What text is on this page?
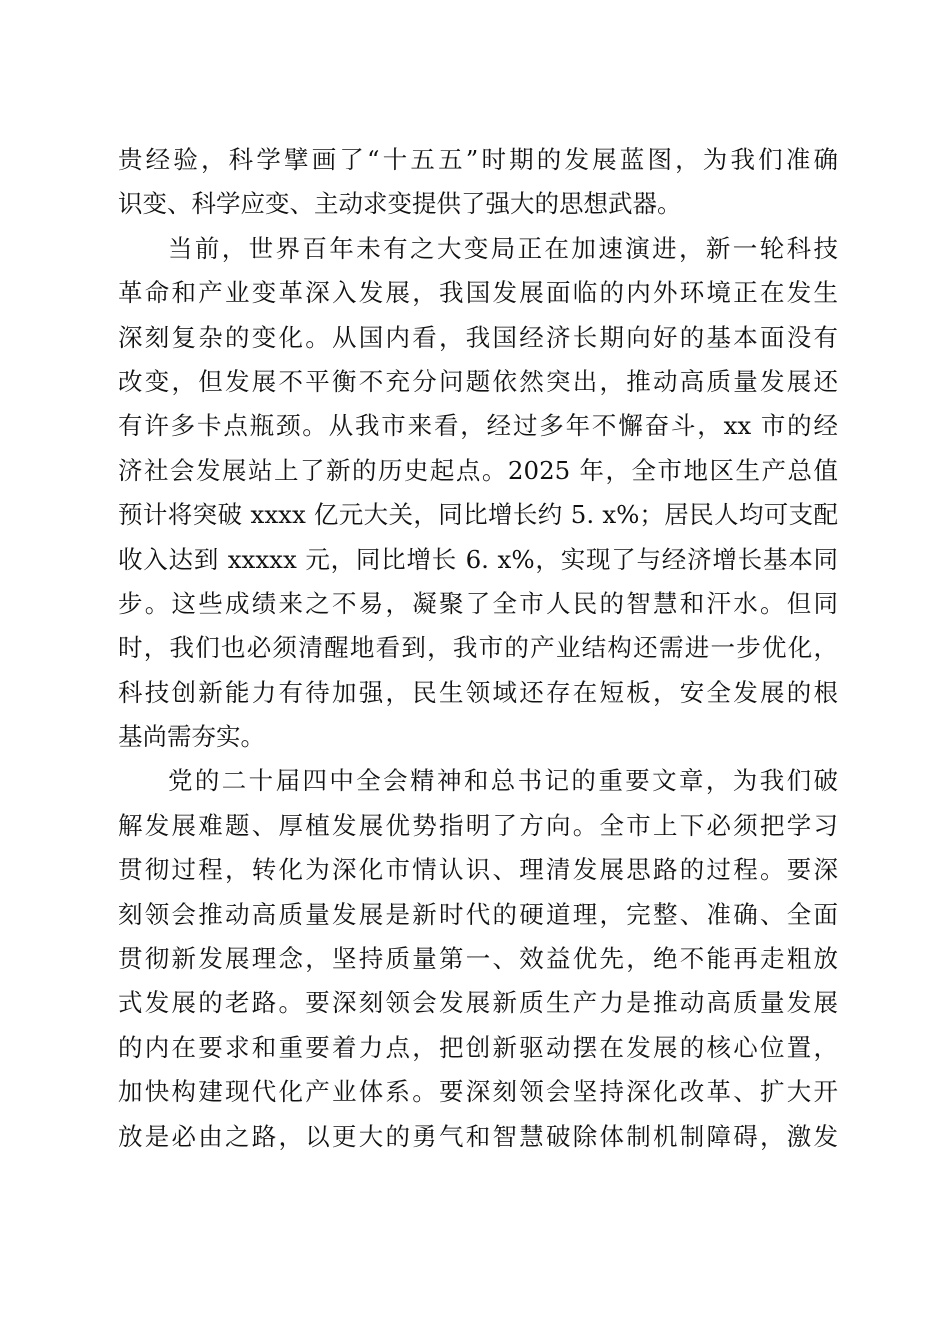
贵经验，科学擘画了“十五五”时期的发展蓝图，为我们准确
识变、科学应变、主动求变提供了强大的思想武器。
当前，世界百年未有之大变局正在加速演进，新一轮科技
革命和产业变革深入发展，我国发展面临的内外环境正在发生
深刻复杂的变化。从国内看，我国经济长期向好的基本面没有
改变，但发展不平衡不充分问题依然突出，推动高质量发展还
有许多卡点瓶颈。从我市来看，经过多年不懈奋斗，xx 市的经
济社会发展站上了新的历史起点。2025 年，全市地区生产总值
预计将突破 xxxx 亿元大关，同比增长约 5. x%；居民人均可支配
收入达到 xxxxx 元，同比增长 6. x%，实现了与经济增长基本同
步。这些成绩来之不易，凝聚了全市人民的智慧和汗水。但同
时，我们也必须清醒地看到，我市的产业结构还需进一步优化，
科技创新能力有待加强，民生领域还存在短板，安全发展的根
基尚需夯实。
党的二十届四中全会精神和总书记的重要文章，为我们破
解发展难题、厚植发展优势指明了方向。全市上下必须把学习
贯彻过程，转化为深化市情认识、理清发展思路的过程。要深
刻领会推动高质量发展是新时代的硬道理，完整、准确、全面
贯彻新发展理念，坚持质量第一、效益优先，绝不能再走粗放
式发展的老路。要深刻领会发展新质生产力是推动高质量发展
的内在要求和重要着力点，把创新驱动摆在发展的核心位置，
加快构建现代化产业体系。要深刻领会坚持深化改革、扩大开
放是必由之路，以更大的勇气和智慧破除体制机制障碍，激发
